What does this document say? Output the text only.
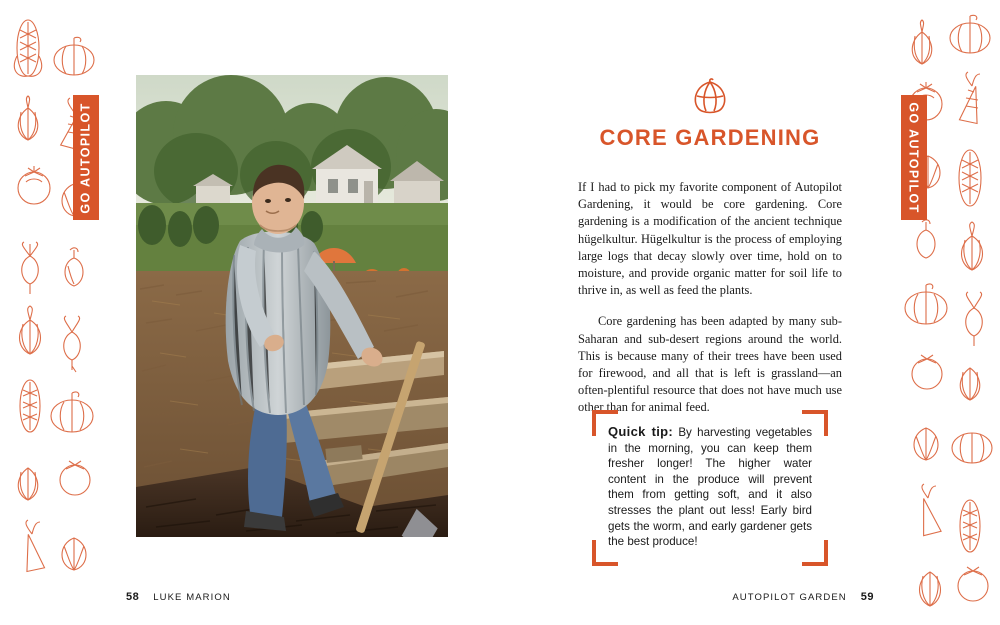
GO AUTOPILOT	GO AUTOPILOT
CORE GARDENING

If I had to pick my favorite component of Autopilot Gardening, it would be core gardening. Core gardening is a modification of the ancient technique hügelkultur. Hügelkultur is the process of employing large logs that decay slowly over time, hold on to moisture, and provide organic matter for soil life to thrive in, as well as feed the plants.

Core gardening has been adapted by many sub-Saharan and sub-desert regions around the world. This is because many of their trees have been used for firewood, and all that is left is grassland—an often-plentiful resource that does not have much use other than for animal feed.

Quick tip: By harvesting vegetables in the morning, you can keep them fresher longer! The higher water content in the produce will prevent them from getting soft, and it also stresses the plant out less! Early bird gets the worm, and early gardener gets the best produce!
58 LUKE MARION	AUTOPILOT GARDEN 59
